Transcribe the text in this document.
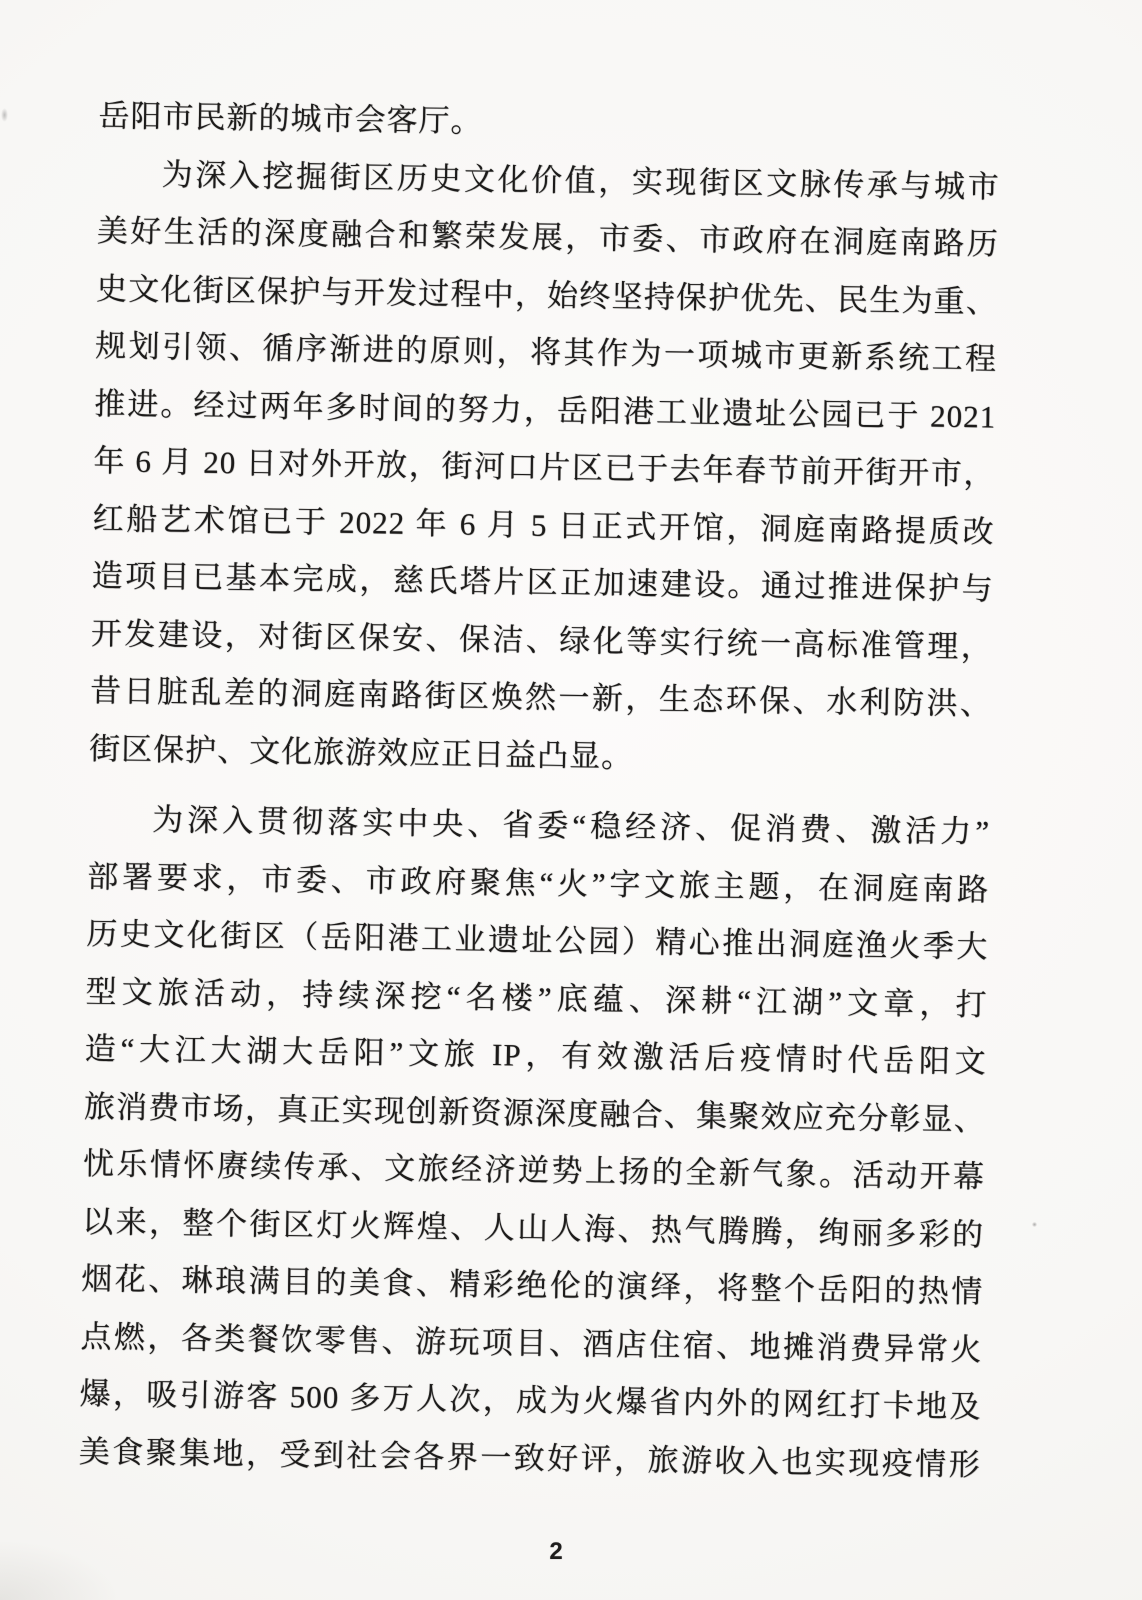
岳阳市民新的城市会客厅。
为深入挖掘街区历史文化价值，实现街区文脉传承与城市
美好生活的深度融合和繁荣发展，市委、市政府在洞庭南路历
史文化街区保护与开发过程中，始终坚持保护优先、民生为重、
规划引领、循序渐进的原则，将其作为一项城市更新系统工程
推进。经过两年多时间的努力，岳阳港工业遗址公园已于 2021
年 6 月 20 日对外开放，街河口片区已于去年春节前开街开市，
红船艺术馆已于 2022 年 6 月 5 日正式开馆，洞庭南路提质改
造项目已基本完成，慈氏塔片区正加速建设。通过推进保护与
开发建设，对街区保安、保洁、绿化等实行统一高标准管理，
昔日脏乱差的洞庭南路街区焕然一新，生态环保、水利防洪、
街区保护、文化旅游效应正日益凸显。
为深入贯彻落实中央、省委“稳经济、促消费、激活力”
部署要求，市委、市政府聚焦“火”字文旅主题，在洞庭南路
历史文化街区（岳阳港工业遗址公园）精心推出洞庭渔火季大
型文旅活动，持续深挖“名楼”底蕴、深耕“江湖”文章，打
造“大江大湖大岳阳”文旅 IP，有效激活后疫情时代岳阳文
旅消费市场，真正实现创新资源深度融合、集聚效应充分彰显、
忧乐情怀赓续传承、文旅经济逆势上扬的全新气象。活动开幕
以来，整个街区灯火辉煌、人山人海、热气腾腾，绚丽多彩的
烟花、琳琅满目的美食、精彩绝伦的演绎，将整个岳阳的热情
点燃，各类餐饮零售、游玩项目、酒店住宿、地摊消费异常火
爆，吸引游客 500 多万人次，成为火爆省内外的网红打卡地及
美食聚集地，受到社会各界一致好评，旅游收入也实现疫情形
2
